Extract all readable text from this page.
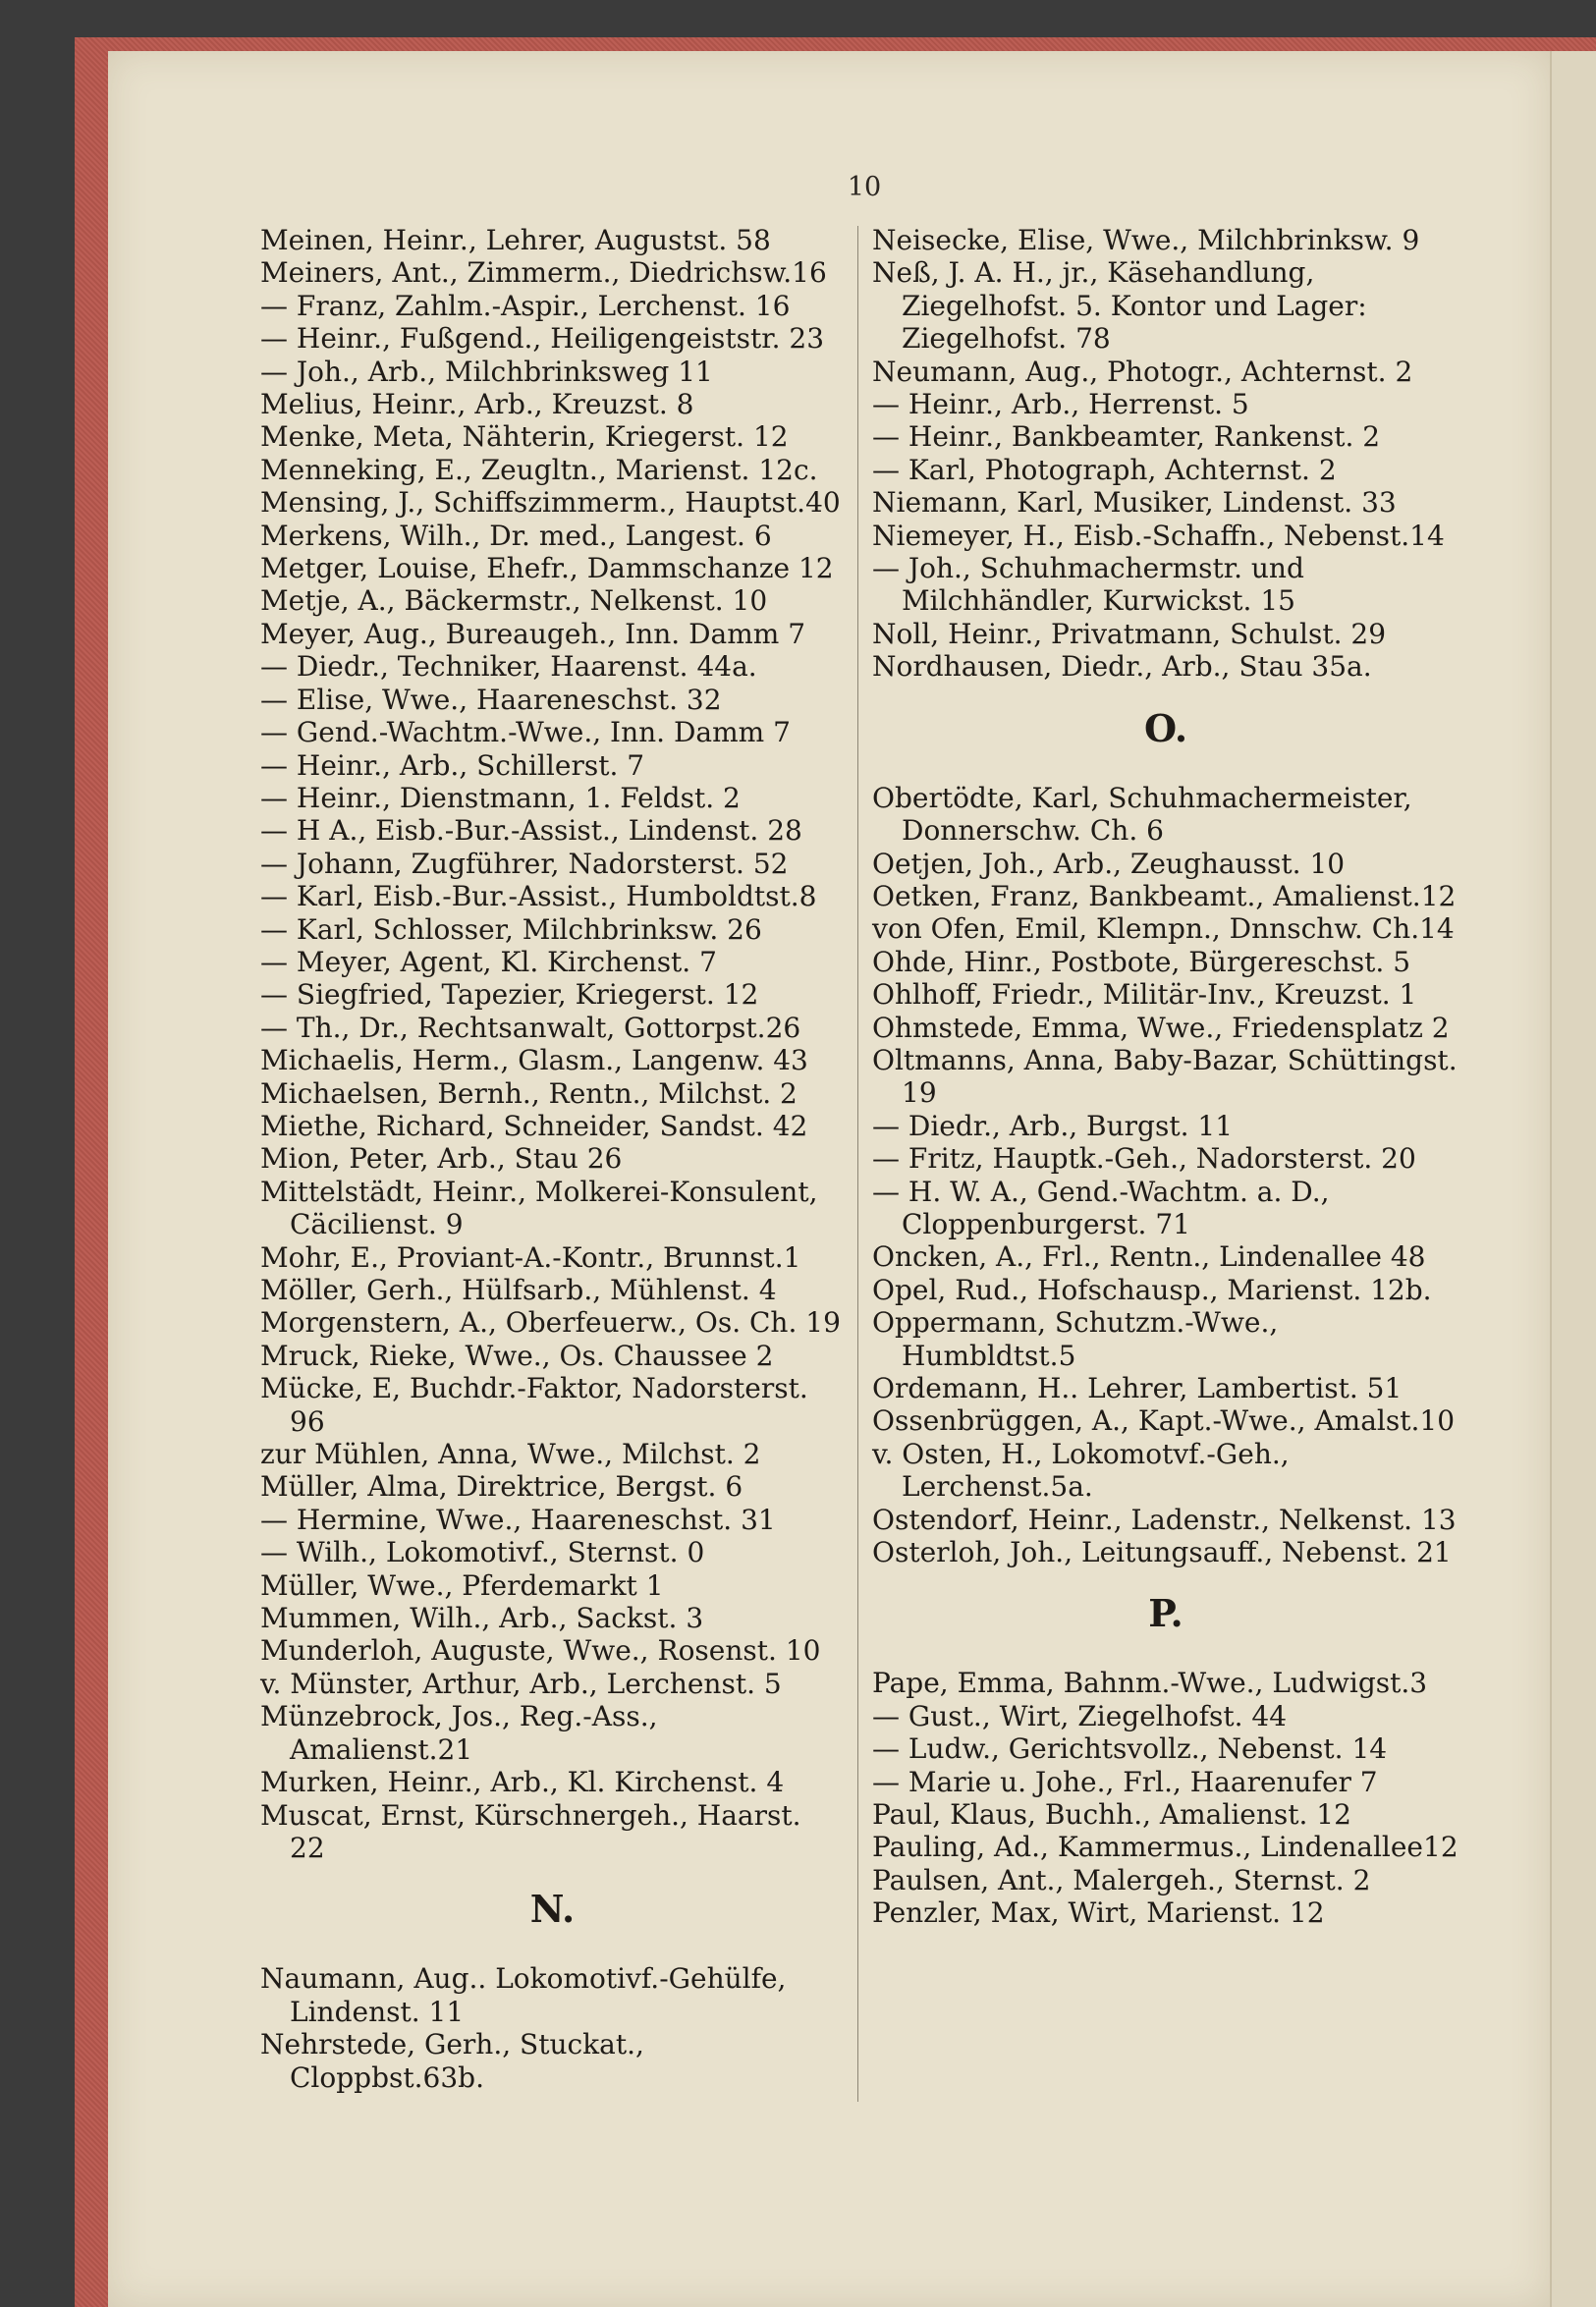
10
Meinen, Heinr., Lehrer, Augustst. 58
Meiners, Ant., Zimmerm., Diedrichsw.16
— Franz, Zahlm.-Aspir., Lerchenst. 16
— Heinr., Fußgend., Heiligengeiststr. 23
— Joh., Arb., Milchbrinksweg 11
Melius, Heinr., Arb., Kreuzst. 8
Menke, Meta, Nähterin, Kriegerst. 12
Menneking, E., Zeugltn., Marienst. 12c.
Mensing, J., Schiffszimmerm., Hauptst.40
Merkens, Wilh., Dr. med., Langest. 6
Metger, Louise, Ehefr., Dammschanze 12
Metje, A., Bäckermstr., Nelkenst. 10
Meyer, Aug., Bureaugeh., Inn. Damm 7
— Diedr., Techniker, Haarenst. 44a.
— Elise, Wwe., Haareneschst. 32
— Gend.-Wachtm.-Wwe., Inn. Damm 7
— Heinr., Arb., Schillerst. 7
— Heinr., Dienstmann, 1. Feldst. 2
— H A., Eisb.-Bur.-Assist., Lindenst. 28
— Johann, Zugführer, Nadorsterst. 52
— Karl, Eisb.-Bur.-Assist., Humboldtst.8
— Karl, Schlosser, Milchbrinksw. 26
— Meyer, Agent, Kl. Kirchenst. 7
— Siegfried, Tapezier, Kriegerst. 12
— Th., Dr., Rechtsanwalt, Gottorpst.26
Michaelis, Herm., Glasm., Langenw. 43
Michaelsen, Bernh., Rentn., Milchst. 2
Miethe, Richard, Schneider, Sandst. 42
Mion, Peter, Arb., Stau 26
Mittelstädt, Heinr., Molkerei-Konsulent, Cäcilienst. 9
Mohr, E., Proviant-A.-Kontr., Brunnst.1
Möller, Gerh., Hülfsarb., Mühlenst. 4
Morgenstern, A., Oberfeuerw., Os. Ch. 19
Mruck, Rieke, Wwe., Os. Chaussee 2
Mücke, E, Buchdr.-Faktor, Nadorsterst. 96
zur Mühlen, Anna, Wwe., Milchst. 2
Müller, Alma, Direktrice, Bergst. 6
— Hermine, Wwe., Haareneschst. 31
— Wilh., Lokomotivf., Sternst. 0
Müller, Wwe., Pferdemarkt 1
Mummen, Wilh., Arb., Sackst. 3
Munderloh, Auguste, Wwe., Rosenst. 10
v. Münster, Arthur, Arb., Lerchenst. 5
Münzebrock, Jos., Reg.-Ass., Amalienst.21
Murken, Heinr., Arb., Kl. Kirchenst. 4
Muscat, Ernst, Kürschnergeh., Haarst. 22
N.
Naumann, Aug.. Lokomotivf.-Gehülfe, Lindenst. 11
Nehrstede, Gerh., Stuckat., Cloppbst.63b.
Neisecke, Elise, Wwe., Milchbrinksw. 9
Neß, J. A. H., jr., Käsehandlung, Ziegelhofst. 5. Kontor und Lager: Ziegelhofst. 78
Neumann, Aug., Photogr., Achternst. 2
— Heinr., Arb., Herrenst. 5
— Heinr., Bankbeamter, Rankenst. 2
— Karl, Photograph, Achternst. 2
Niemann, Karl, Musiker, Lindenst. 33
Niemeyer, H., Eisb.-Schaffn., Nebenst.14
— Joh., Schuhmachermstr. und Milchhändler, Kurwickst. 15
Noll, Heinr., Privatmann, Schulst. 29
Nordhausen, Diedr., Arb., Stau 35a.
O.
Obertödte, Karl, Schuhmachermeister, Donnerschw. Ch. 6
Oetjen, Joh., Arb., Zeughausst. 10
Oetken, Franz, Bankbeamt., Amalienst.12
von Ofen, Emil, Klempn., Dnnschw. Ch.14
Ohde, Hinr., Postbote, Bürgereschst. 5
Ohlhoff, Friedr., Militär-Inv., Kreuzst. 1
Ohmstede, Emma, Wwe., Friedensplatz 2
Oltmanns, Anna, Baby-Bazar, Schüttingst. 19
— Diedr., Arb., Burgst. 11
— Fritz, Hauptk.-Geh., Nadorsterst. 20
— H. W. A., Gend.-Wachtm. a. D., Cloppenburgerst. 71
Oncken, A., Frl., Rentn., Lindenallee 48
Opel, Rud., Hofschausp., Marienst. 12b.
Oppermann, Schutzm.-Wwe., Humbldtst.5
Ordemann, H.. Lehrer, Lambertist. 51
Ossenbrüggen, A., Kapt.-Wwe., Amalst.10
v. Osten, H., Lokomotvf.-Geh., Lerchenst.5a.
Ostendorf, Heinr., Ladenstr., Nelkenst. 13
Osterloh, Joh., Leitungsauff., Nebenst. 21
P.
Pape, Emma, Bahnm.-Wwe., Ludwigst.3
— Gust., Wirt, Ziegelhofst. 44
— Ludw., Gerichtsvollz., Nebenst. 14
— Marie u. Johe., Frl., Haarenufer 7
Paul, Klaus, Buchh., Amalienst. 12
Pauling, Ad., Kammermus., Lindenallee12
Paulsen, Ant., Malergeh., Sternst. 2
Penzler, Max, Wirt, Marienst. 12
